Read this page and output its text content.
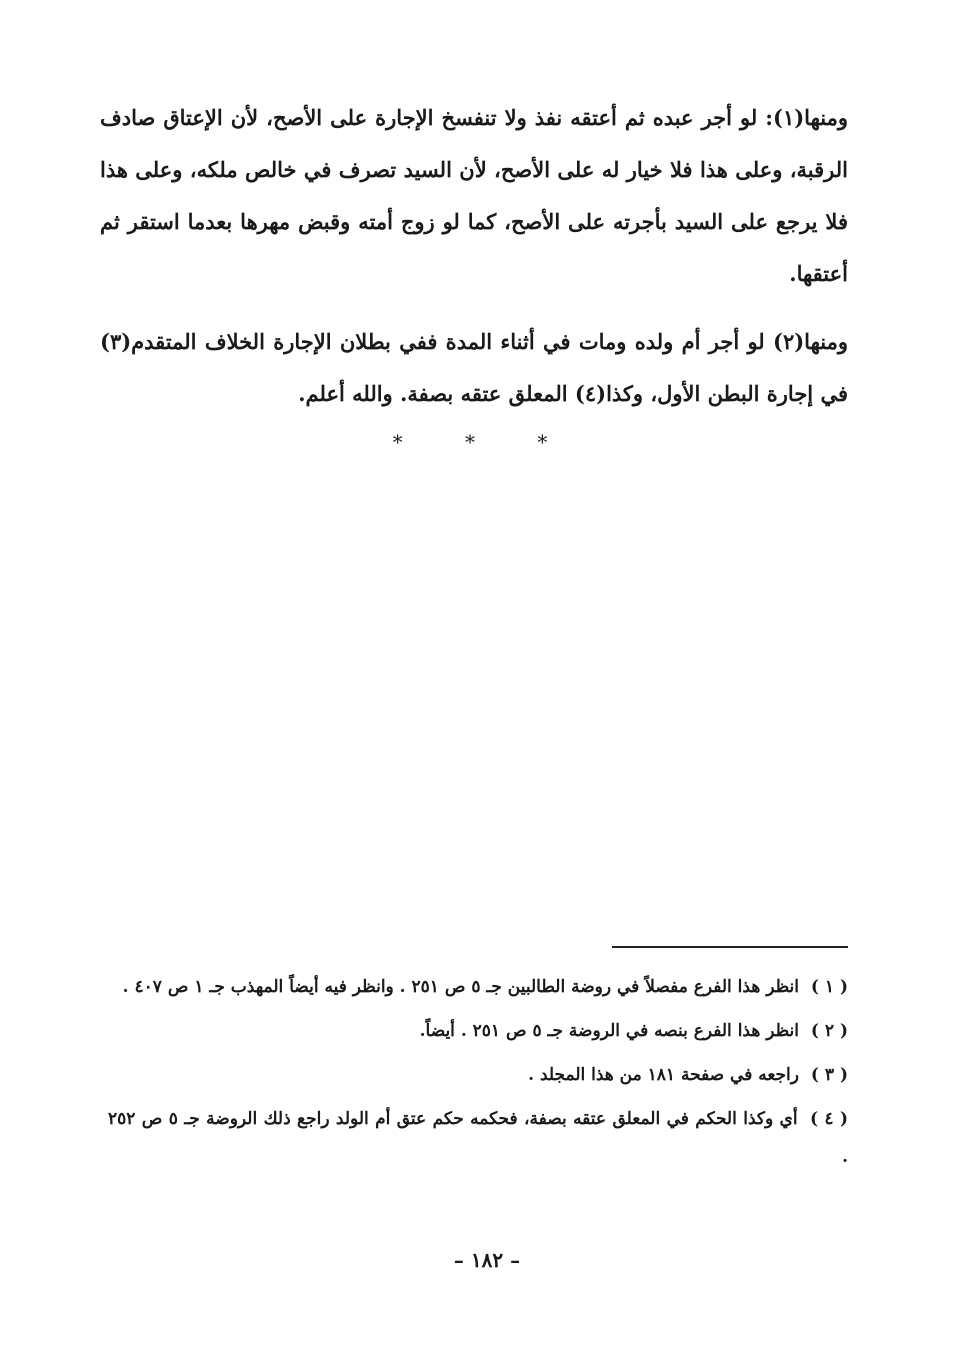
ومنها(١): لو أجر عبده ثم أعتقه نفذ ولا تنفسخ الإجارة على الأصح، لأن الإعتاق صادف الرقبة، وعلى هذا فلا خيار له على الأصح، لأن السيد تصرف في خالص ملكه، وعلى هذا فلا يرجع على السيد بأجرته على الأصح، كما لو زوج أمته وقبض مهرها بعدما استقر ثم أعتقها.

ومنها(٢) لو أجر أم ولده ومات في أثناء المدة ففي بطلان الإجارة الخلاف المتقدم(٣) في إجارة البطن الأول، وكذا(٤) المعلق عتقه بصفة. والله أعلم.

* * *

( ١ ) انظر هذا الفرع مفصلاً في روضة الطالبين جـ ٥ ص ٢٥١ . وانظر فيه أيضاً المهذب جـ ١ ص ٤٠٧ .

( ٢ ) انظر هذا الفرع بنصه في الروضة جـ ٥ ص ٢٥١ . أيضاً.

( ٣ ) راجعه في صفحة ١٨١ من هذا المجلد .

( ٤ ) أي وكذا الحكم في المعلق عتقه بصفة، فحكمه حكم عتق أم الولد راجع ذلك الروضة جـ ٥ ص ٢٥٢ .

– ١٨٢ –
